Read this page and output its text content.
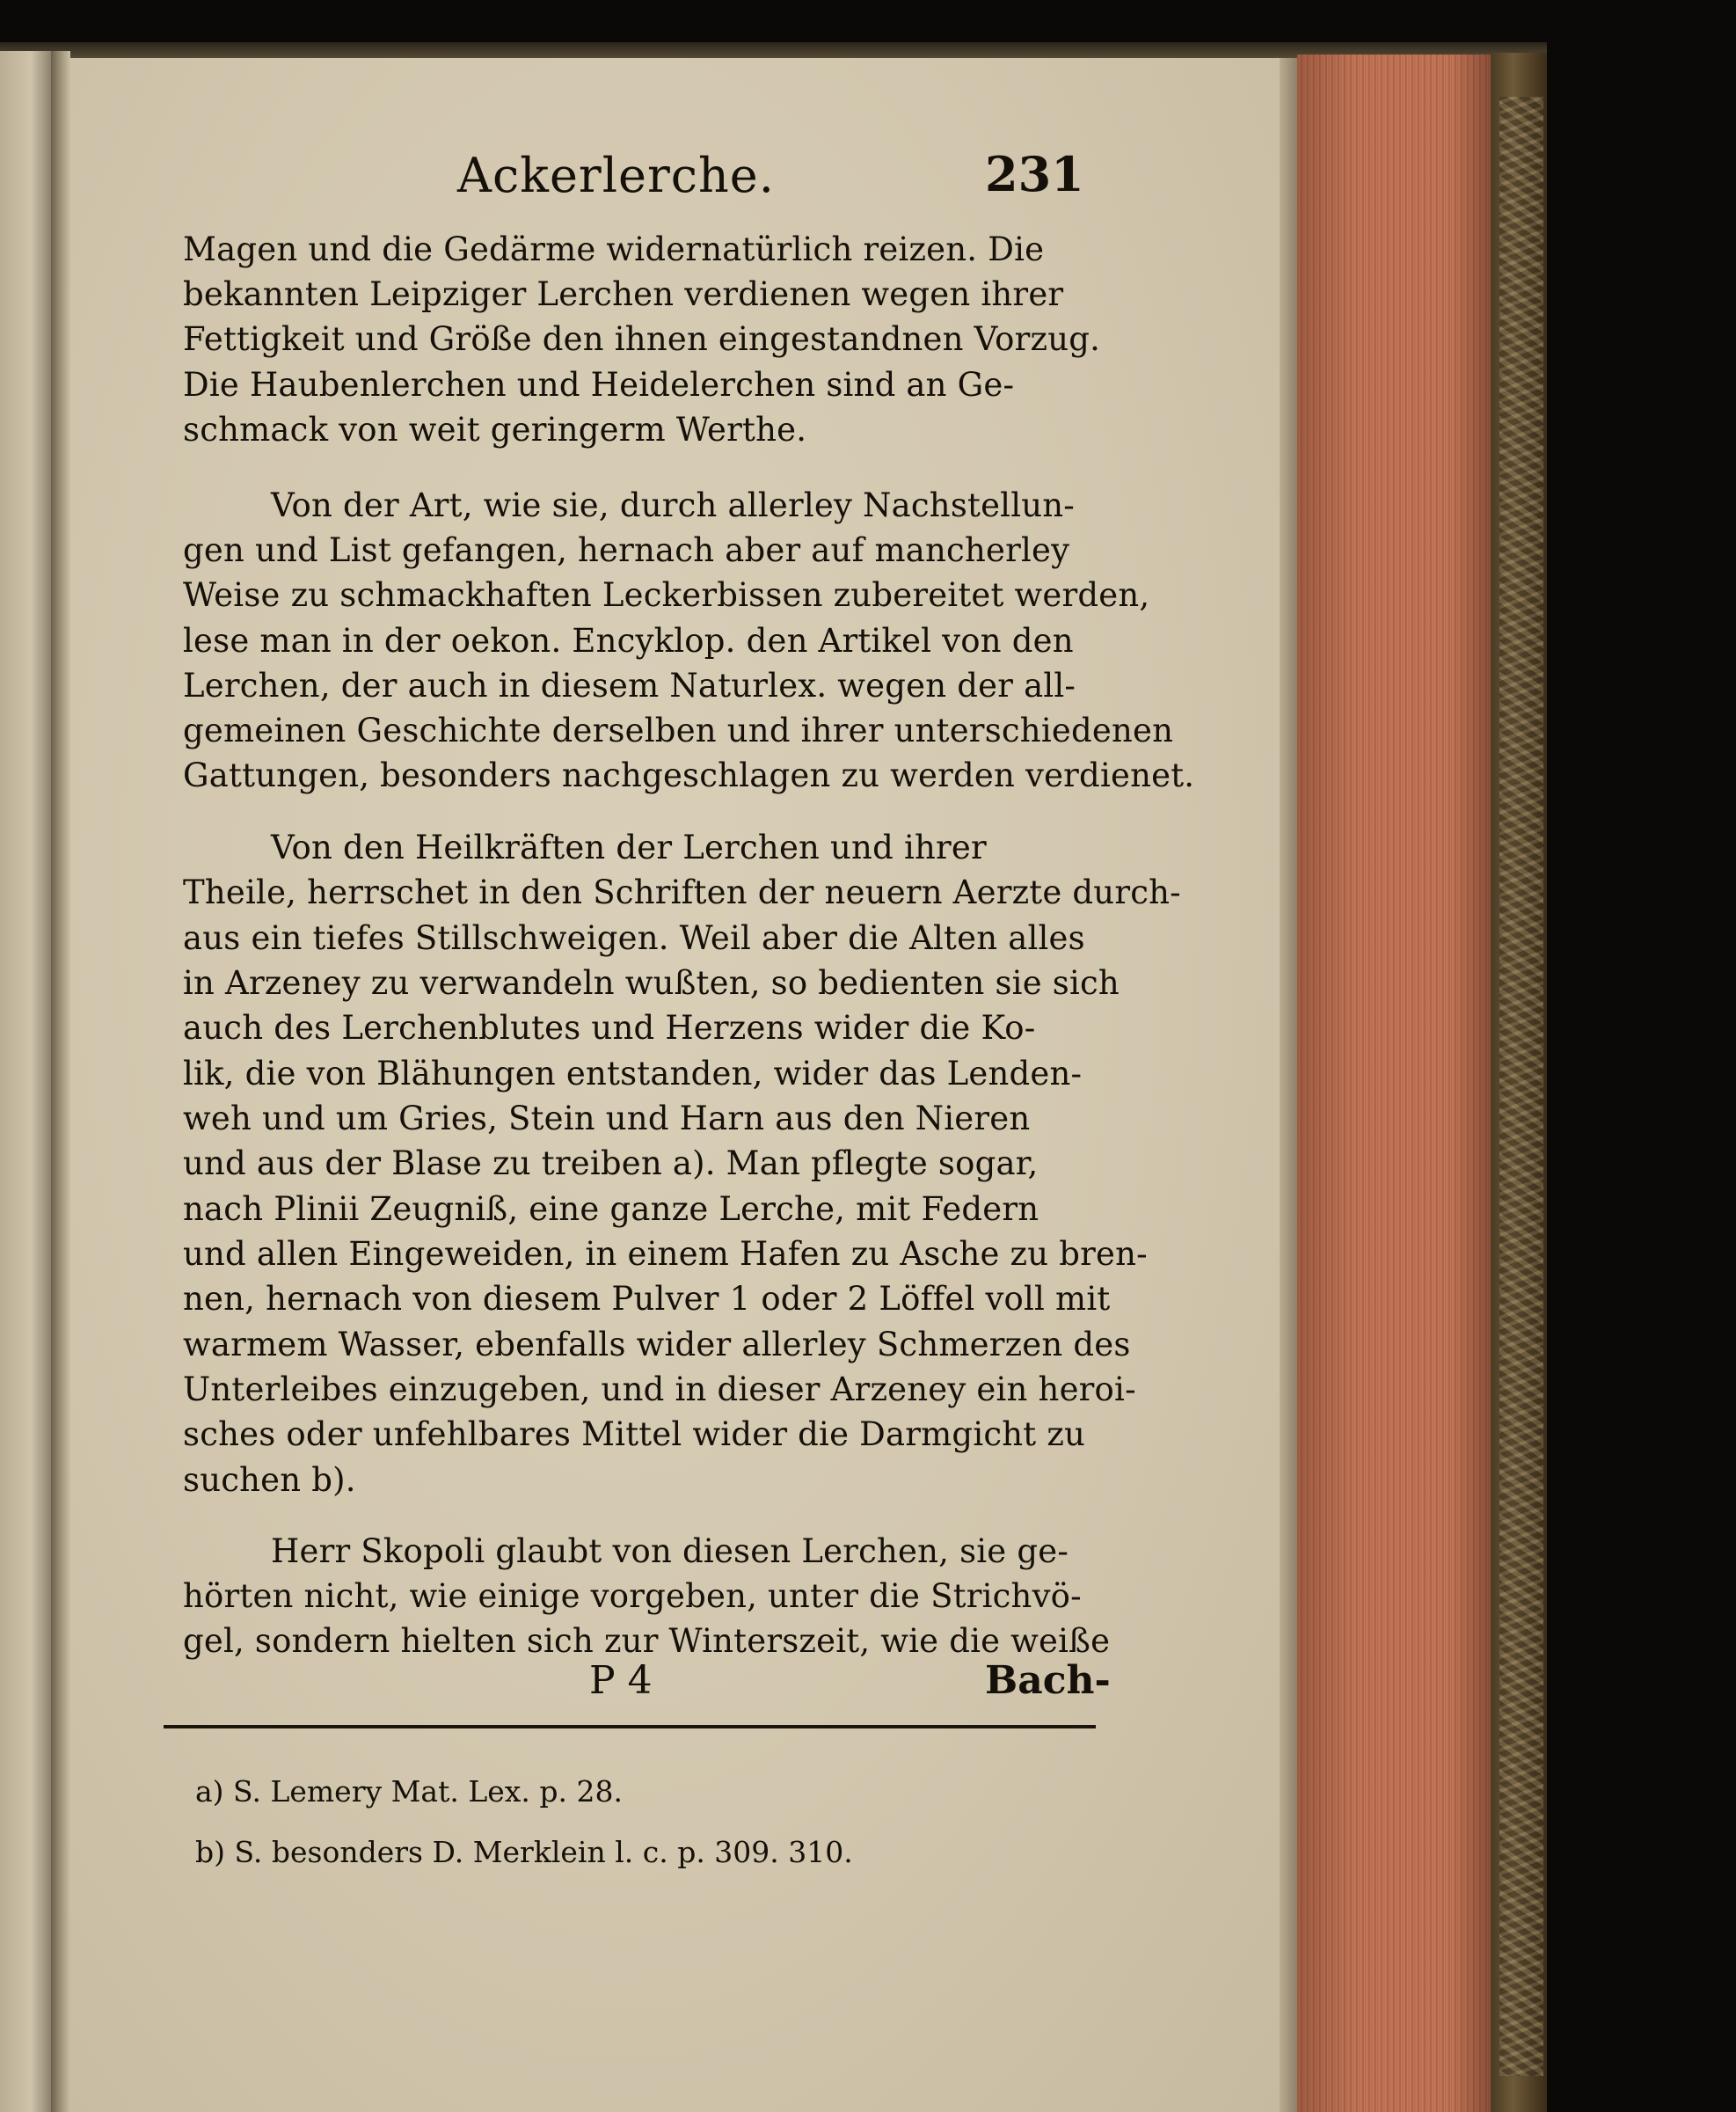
Ackerlerche.	231
Magen und die Gedärme widernatürlich reizen. Die
bekannten Leipziger Lerchen verdienen wegen ihrer
Fettigkeit und Größe den ihnen eingestandnen Vorzug.
Die Haubenlerchen und Heidelerchen sind an Ge-
schmack von weit geringerm Werthe.
Von der Art, wie sie, durch allerley Nachstellun-
gen und List gefangen, hernach aber auf mancherley
Weise zu schmackhaften Leckerbissen zubereitet werden,
lese man in der oekon. Encyklop. den Artikel von den
Lerchen, der auch in diesem Naturlex. wegen der all-
gemeinen Geschichte derselben und ihrer unterschiedenen
Gattungen, besonders nachgeschlagen zu werden verdienet.
Von den Heilkräften der Lerchen und ihrer
Theile, herrschet in den Schriften der neuern Aerzte durch-
aus ein tiefes Stillschweigen. Weil aber die Alten alles
in Arzeney zu verwandeln wußten, so bedienten sie sich
auch des Lerchenblutes und Herzens wider die Ko-
lik, die von Blähungen entstanden, wider das Lenden-
weh und um Gries, Stein und Harn aus den Nieren
und aus der Blase zu treiben a). Man pflegte sogar,
nach Plinii Zeugniß, eine ganze Lerche, mit Federn
und allen Eingeweiden, in einem Hafen zu Asche zu bren-
nen, hernach von diesem Pulver 1 oder 2 Löffel voll mit
warmem Wasser, ebenfalls wider allerley Schmerzen des
Unterleibes einzugeben, und in dieser Arzeney ein heroi-
sches oder unfehlbares Mittel wider die Darmgicht zu
suchen b).
Herr Skopoli glaubt von diesen Lerchen, sie ge-
hörten nicht, wie einige vorgeben, unter die Strichvö-
gel, sondern hielten sich zur Winterszeit, wie die weiße
P 4	Bach-
a) S. Lemery Mat. Lex. p. 28.
b) S. besonders D. Merklein l. c. p. 309. 310.
